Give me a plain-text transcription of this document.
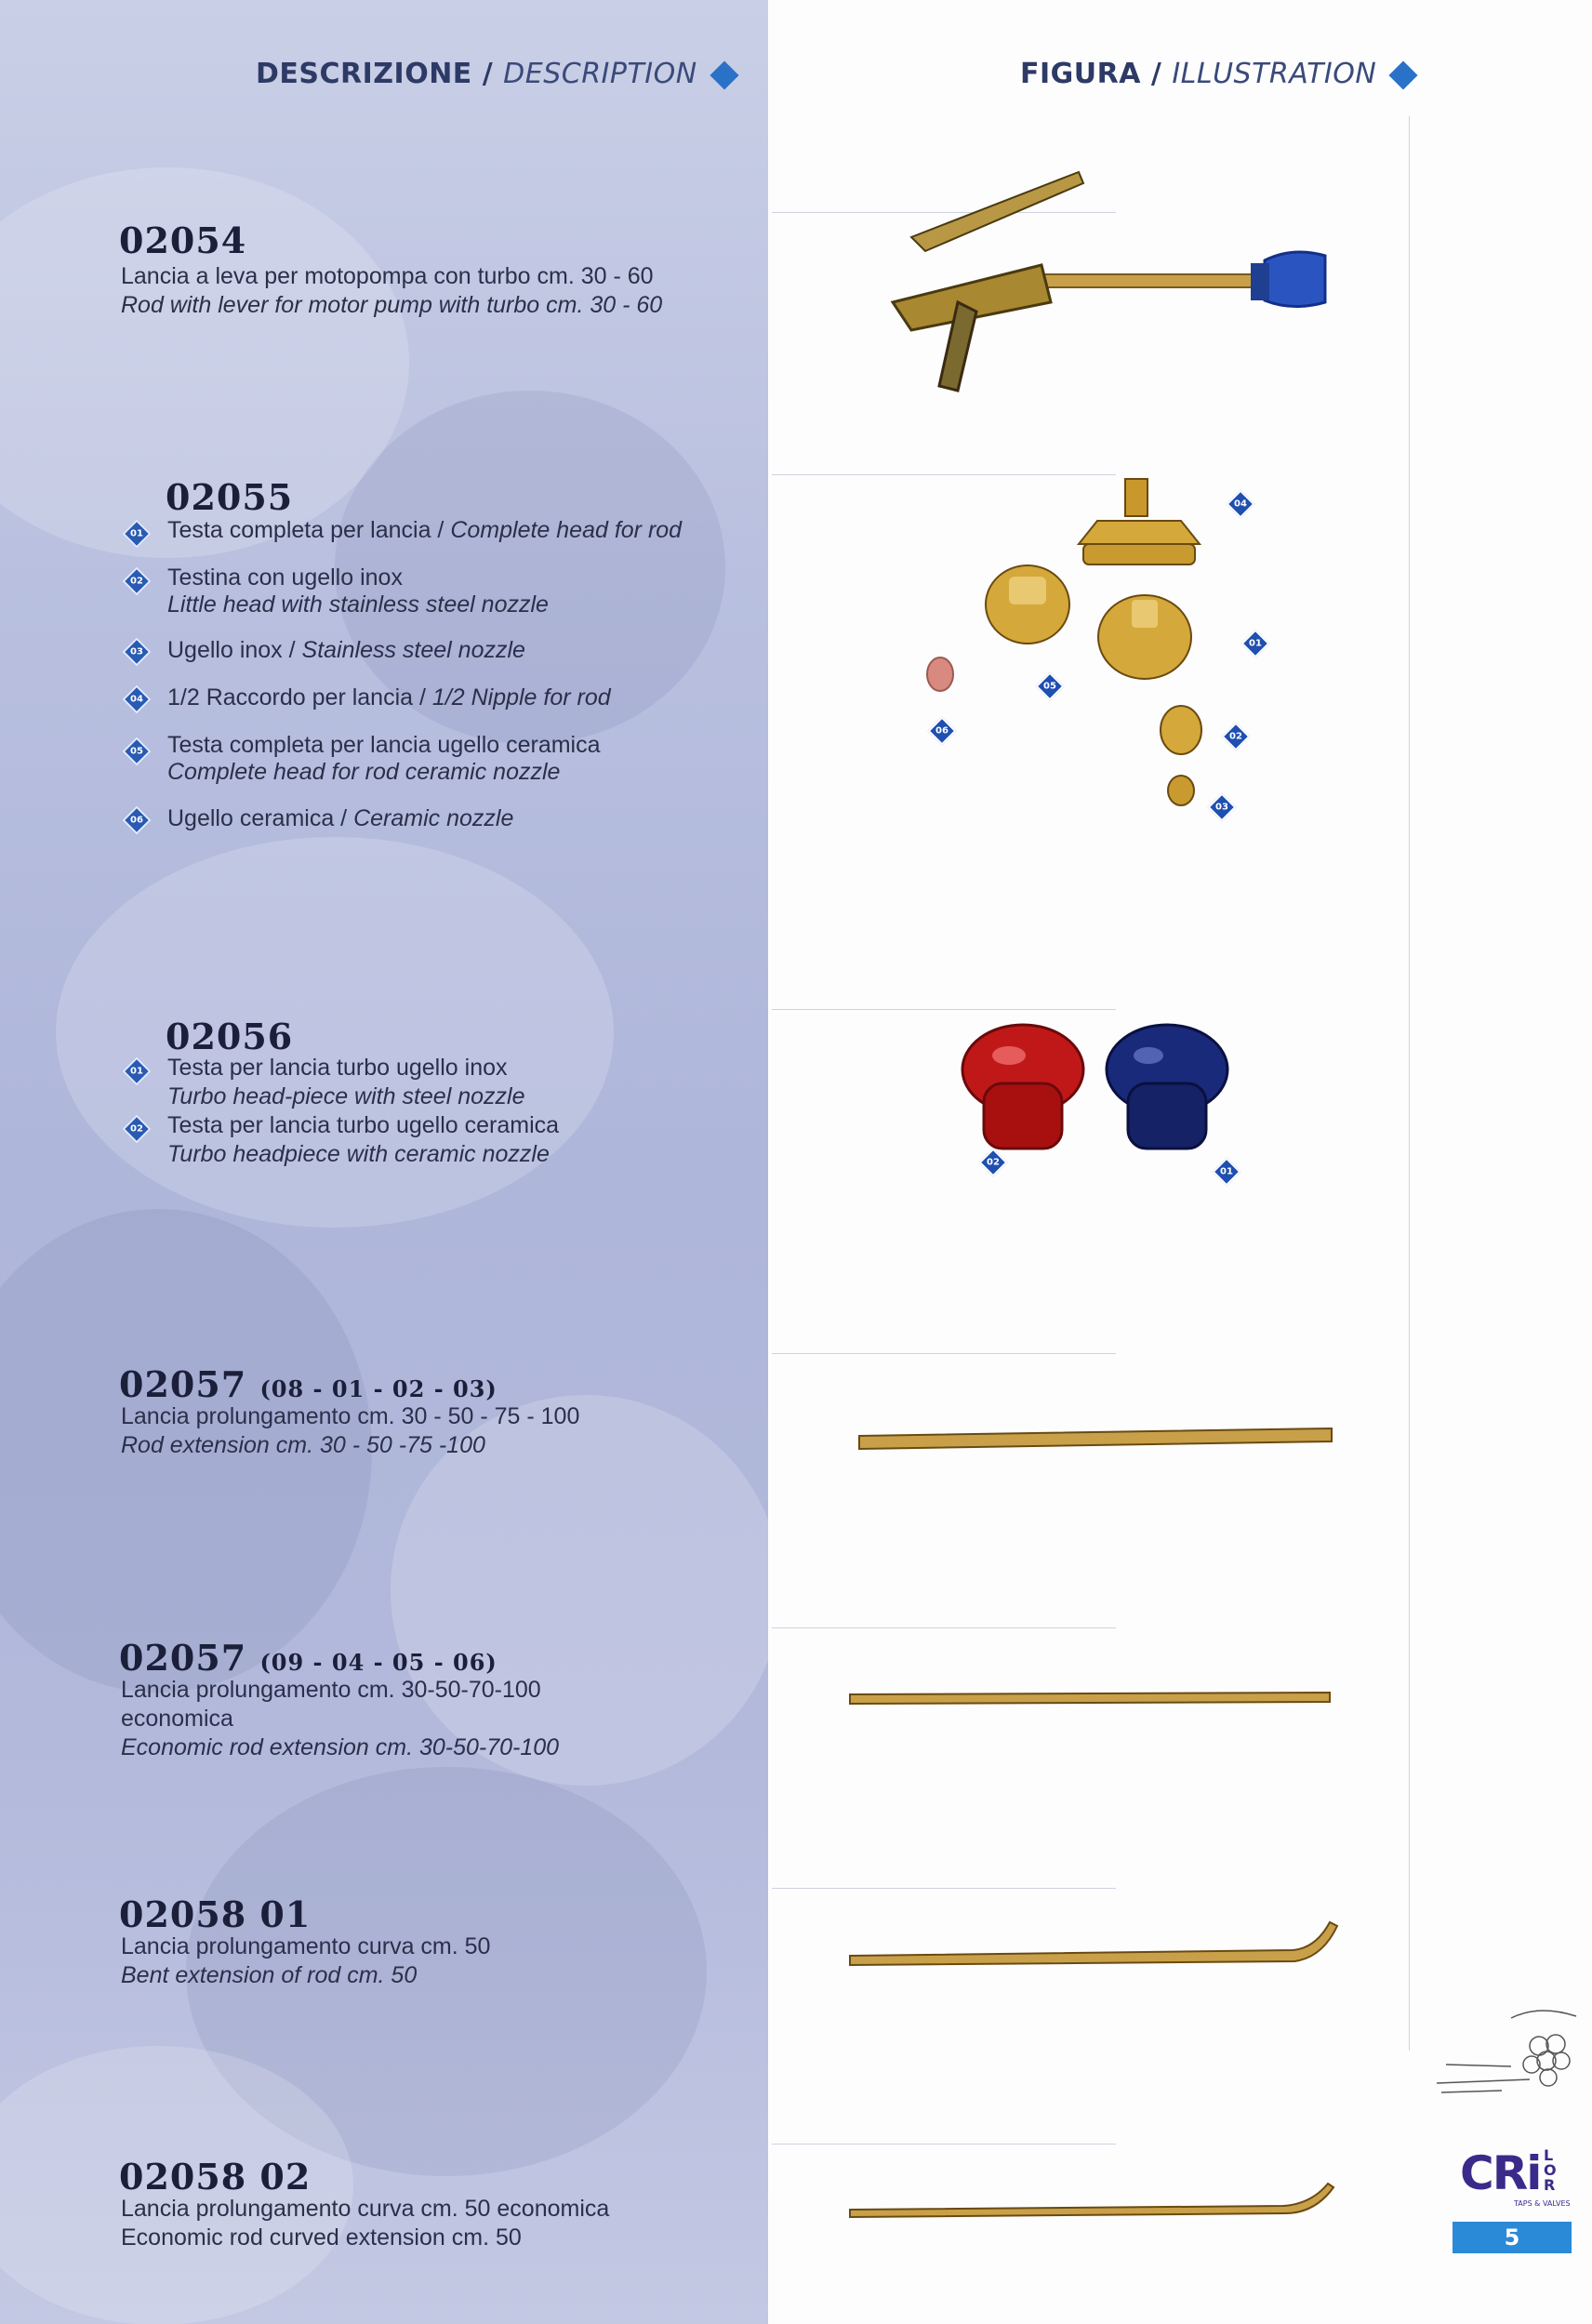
DESCRIZIONE / DESCRIPTION	FIGURA / ILLUSTRATION
02054
Lancia a leva per motopompa con turbo cm. 30 - 60
Rod with lever for motor pump with turbo cm. 30 - 60
02055
01 Testa completa per lancia / Complete head for rod
02 Testina con ugello inox
Little head with stainless steel nozzle
03 Ugello inox / Stainless steel nozzle
04 1/2 Raccordo per lancia / 1/2 Nipple for rod
05 Testa completa per lancia ugello ceramica
Complete head for rod ceramic nozzle
06 Ugello ceramica / Ceramic nozzle
04
05
01
06
02
03
02056
01 Testa per lancia turbo ugello inox
Turbo head-piece with steel nozzle
02 Testa per lancia turbo ugello ceramica
Turbo headpiece with ceramic nozzle	02
01
02057 (08 - 01 - 02 - 03)
Lancia prolungamento cm. 30 - 50 - 75 - 100
Rod extension cm. 30 - 50 -75 -100
02057 (09 - 04 - 05 - 06)
Lancia prolungamento cm. 30-50-70-100
economica
Economic rod extension cm. 30-50-70-100
02058 01
Lancia prolungamento curva cm. 50
Bent extension of rod cm. 50
02058 02
Lancia prolungamento curva cm. 50 economica
Economic rod curved extension cm. 50
CRi LOR
TAPS & VALVES
5
